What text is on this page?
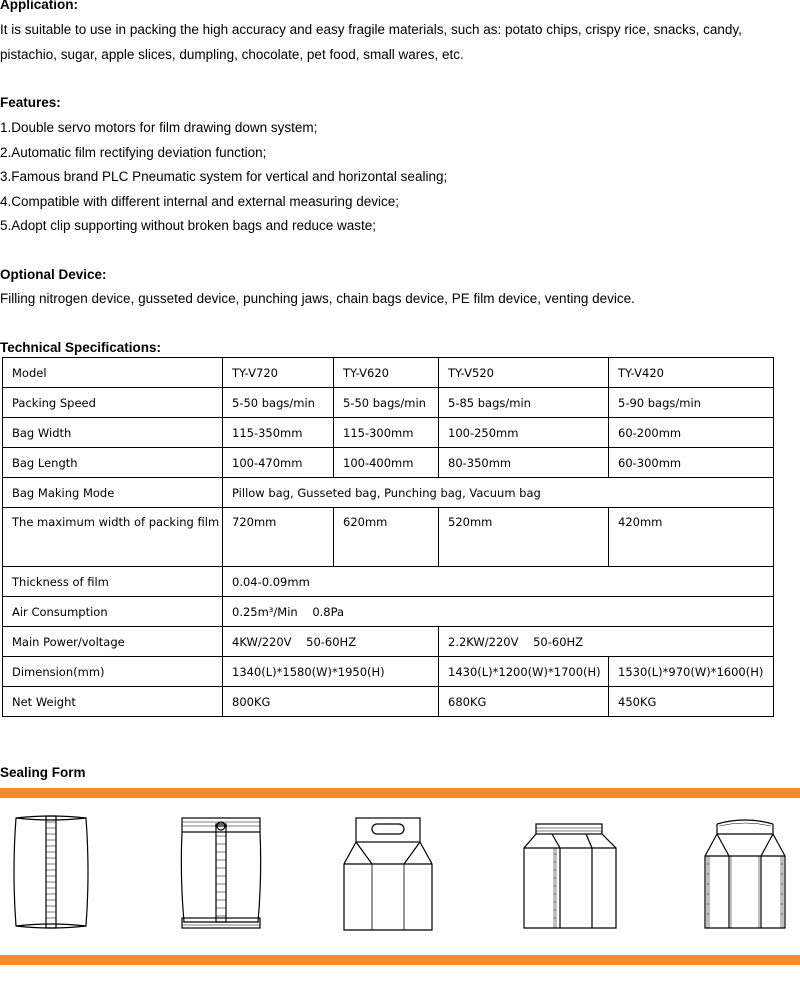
Application:
It is suitable to use in packing the high accuracy and easy fragile materials, such as: potato chips, crispy rice, snacks, candy,
pistachio, sugar, apple slices, dumpling, chocolate, pet food, small wares, etc.
Features:
1.Double servo motors for film drawing down system;
2.Automatic film rectifying deviation function;
3.Famous brand PLC Pneumatic system for vertical and horizontal sealing;
4.Compatible with different internal and external measuring device;
5.Adopt clip supporting without broken bags and reduce waste;
Optional Device:
Filling nitrogen device, gusseted device, punching jaws, chain bags device, PE film device, venting device.
Technical Specifications:
Model	TY-V720	TY-V620	TY-V520	TY-V420
Packing Speed	5-50 bags/min	5-50 bags/min	5-85 bags/min	5-90 bags/min
Bag Width	115-350mm	115-300mm	100-250mm	60-200mm
Bag Length	100-470mm	100-400mm	80-350mm	60-300mm
Bag Making Mode	Pillow bag, Gusseted bag, Punching bag, Vacuum bag			
The maximum width of packing film	720mm	620mm	520mm	420mm
Thickness of film	0.04-0.09mm			
Air Consumption	0.25m³/Min    0.8Pa			
Main Power/voltage	4KW/220V    50-60HZ		2.2KW/220V    50-60HZ	
Dimension(mm)	1340(L)*1580(W)*1950(H)		1430(L)*1200(W)*1700(H)	1530(L)*970(W)*1600(H)
Net Weight	800KG		680KG	450KG
Sealing Form
